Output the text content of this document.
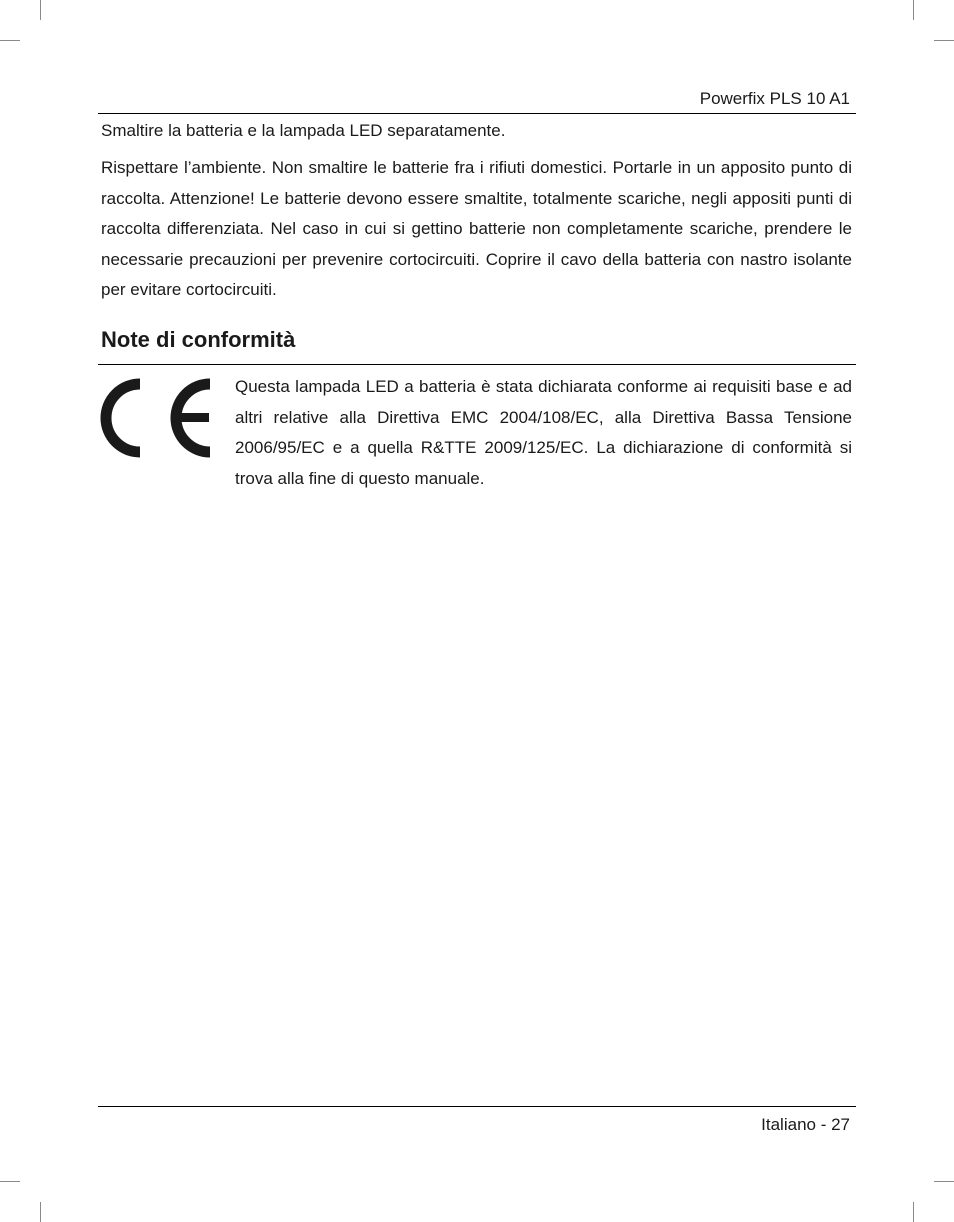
Powerfix PLS 10 A1

Smaltire la batteria e la lampada LED separatamente.

Rispettare l’ambiente. Non smaltire le batterie fra i rifiuti domestici. Portarle in un apposito punto di raccolta. Attenzione! Le batterie devono essere smaltite, totalmente scariche, negli appositi punti di raccolta differenziata. Nel caso in cui si gettino batterie non completamente scariche, prendere le necessarie precauzioni per prevenire cortocircuiti. Coprire il cavo della batteria con nastro isolante per evitare cortocircuiti.

Note di conformità

Questa lampada LED a batteria è stata dichiarata conforme ai requisiti base e ad altri relative alla Direttiva EMC 2004/108/EC, alla Direttiva Bassa Tensione 2006/95/EC e a quella R&TTE 2009/125/EC. La dichiarazione di conformità si trova alla fine di questo manuale.

Italiano - 27
